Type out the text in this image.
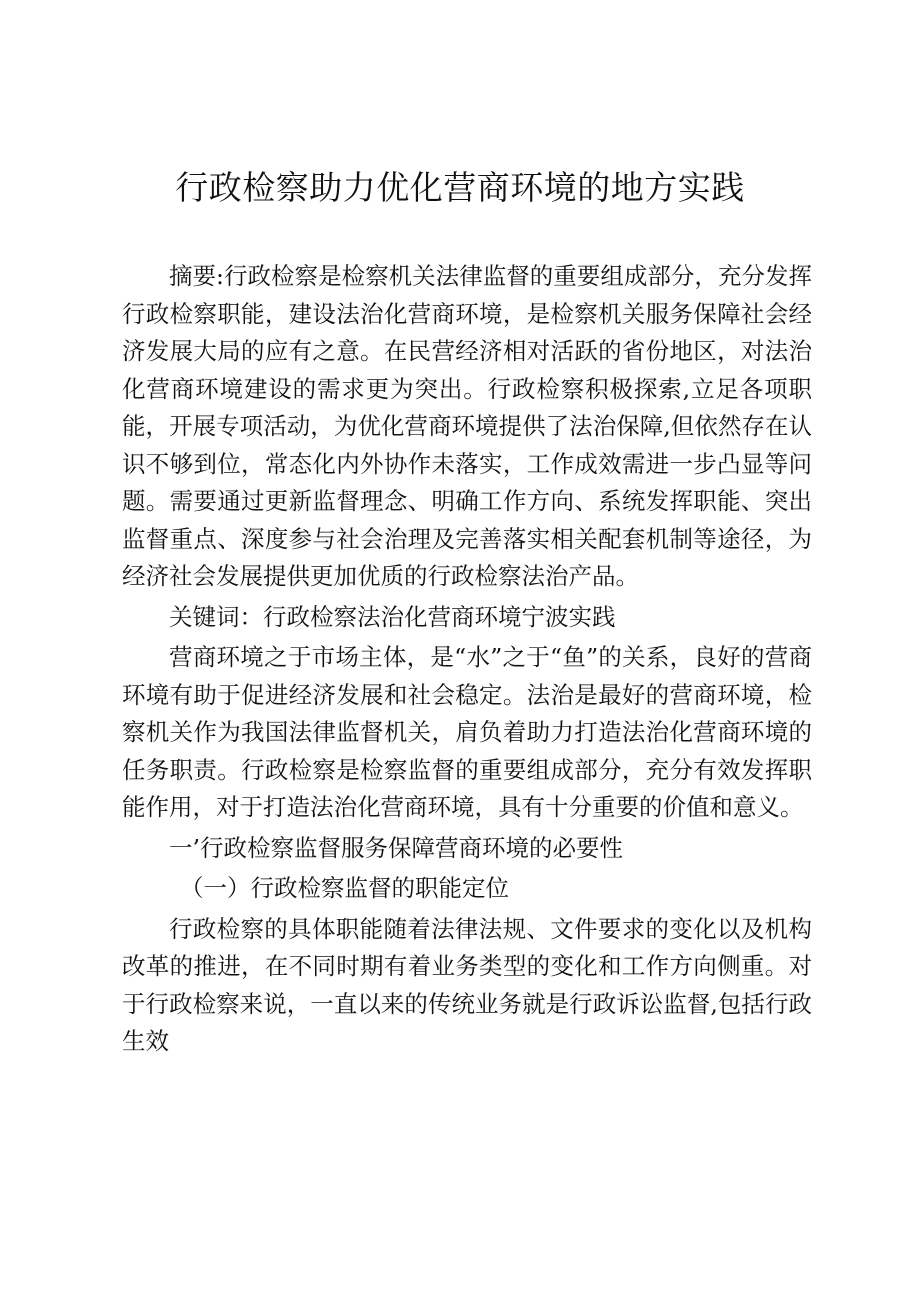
行政检察助力优化营商环境的地方实践

摘要:行政检察是检察机关法律监督的重要组成部分，充分发挥行政检察职能，建设法治化营商环境，是检察机关服务保障社会经济发展大局的应有之意。在民营经济相对活跃的省份地区，对法治化营商环境建设的需求更为突出。行政检察积极探索,立足各项职能，开展专项活动，为优化营商环境提供了法治保障,但依然存在认识不够到位，常态化内外协作未落实，工作成效需进一步凸显等问题。需要通过更新监督理念、明确工作方向、系统发挥职能、突出监督重点、深度参与社会治理及完善落实相关配套机制等途径，为经济社会发展提供更加优质的行政检察法治产品。

关键词：行政检察法治化营商环境宁波实践

营商环境之于市场主体，是“水”之于“鱼”的关系，良好的营商环境有助于促进经济发展和社会稳定。法治是最好的营商环境，检察机关作为我国法律监督机关，肩负着助力打造法治化营商环境的任务职责。行政检察是检察监督的重要组成部分，充分有效发挥职能作用，对于打造法治化营商环境，具有十分重要的价值和意义。

一’行政检察监督服务保障营商环境的必要性

（一）行政检察监督的职能定位

行政检察的具体职能随着法律法规、文件要求的变化以及机构改革的推进，在不同时期有着业务类型的变化和工作方向侧重。对于行政检察来说，一直以来的传统业务就是行政诉讼监督,包括行政生效
